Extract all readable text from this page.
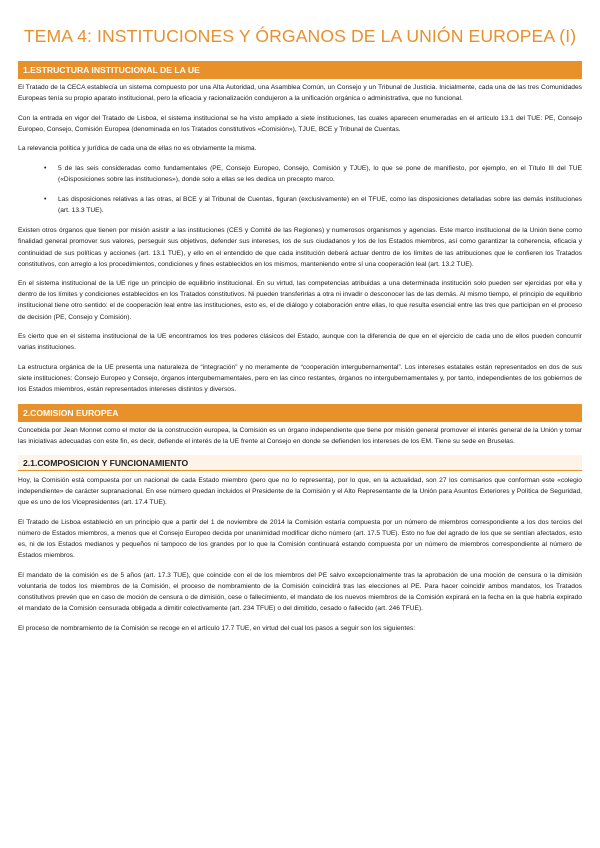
TEMA 4: INSTITUCIONES Y ÓRGANOS DE LA UNIÓN EUROPEA (I)
1.ESTRUCTURA INSTITUCIONAL DE LA UE

El Tratado de la CECA establecía un sistema compuesto por una Alta Autoridad, una Asamblea Común, un Consejo y un Tribunal de Justicia. Inicialmente, cada una de las tres Comunidades Europeas tenía su propio aparato institucional, pero la eficacia y racionalización condujeron a la unificación orgánica o administrativa, que no funcional.

Con la entrada en vigor del Tratado de Lisboa, el sistema institucional se ha visto ampliado a siete instituciones, las cuales aparecen enumeradas en el artículo 13.1 del TUE: PE, Consejo Europeo, Consejo, Comisión Europea (denominada en los Tratados constitutivos «Comisión»), TJUE, BCE y Tribunal de Cuentas.

La relevancia política y jurídica de cada una de ellas no es obviamente la misma.

• 5 de las seis consideradas como fundamentales (PE, Consejo Europeo, Consejo, Comisión y TJUE), lo que se pone de manifiesto, por ejemplo, en el Título III del TUE («Disposiciones sobre las instituciones»), donde solo a ellas se les dedica un precepto marco.
• Las disposiciones relativas a las otras, al BCE y al Tribunal de Cuentas, figuran (exclusivamente) en el TFUE, como las disposiciones detalladas sobre las demás instituciones (art. 13.3 TUE).

Existen otros órganos que tienen por misión asistir a las instituciones (CES y Comité de las Regiones) y numerosos organismos y agencias. Este marco institucional de la Unión tiene como finalidad general promover sus valores, perseguir sus objetivos, defender sus intereses, los de sus ciudadanos y los de los Estados miembros, así como garantizar la coherencia, eficacia y continuidad de sus políticas y acciones (art. 13.1 TUE), y ello en el entendido de que cada institución deberá actuar dentro de los límites de las atribuciones que le confieren los Tratados constitutivos, con arreglo a los procedimientos, condiciones y fines establecidos en los mismos, manteniendo entre sí una cooperación leal (art. 13.2 TUE).

En el sistema institucional de la UE rige un principio de equilibrio institucional. En su virtud, las competencias atribuidas a una determinada institución solo pueden ser ejercidas por ella y dentro de los límites y condiciones establecidos en los Tratados constitutivos. Ni pueden transferirlas a otra ni invadir o desconocer las de las demás. Al mismo tiempo, el principio de equilibrio institucional tiene otro sentido: el de cooperación leal entre las instituciones, esto es, el de diálogo y colaboración entre ellas, lo que resulta esencial entre las tres que participan en el proceso de decisión (PE, Consejo y Comisión).

Es cierto que en el sistema institucional de la UE encontramos los tres poderes clásicos del Estado, aunque con la diferencia de que en el ejercicio de cada uno de ellos pueden concurrir varias instituciones.

La estructura orgánica de la UE presenta una naturaleza de “integración” y no meramente de “cooperación intergubernamental”. Los intereses estatales están representados en dos de sus siete instituciones: Consejo Europeo y Consejo, órganos intergubernamentales, pero en las cinco restantes, órganos no intergubernamentales y, por tanto, independientes de los gobiernos de los Estados miembros, están representados intereses distintos y diversos.

2.COMISION EUROPEA

Concebida por Jean Monnet como el motor de la construcción europea, la Comisión es un órgano independiente que tiene por misión general promover el interés general de la Unión y tomar las iniciativas adecuadas con este fin, es decir, defiende el interés de la UE frente al Consejo en donde se defienden los intereses de los EM. Tiene su sede en Bruselas.

2.1.COMPOSICION Y FUNCIONAMIENTO

Hoy, la Comisión está compuesta por un nacional de cada Estado miembro (pero que no lo representa), por lo que, en la actualidad, son 27 los comisarios que conforman este «colegio independiente» de carácter supranacional. En ese número quedan incluidos el Presidente de la Comisión y el Alto Representante de la Unión para Asuntos Exteriores y Política de Seguridad, que es uno de los Vicepresidentes (art. 17.4 TUE).

El Tratado de Lisboa estableció en un principio que a partir del 1 de noviembre de 2014 la Comisión estaría compuesta por un número de miembros correspondiente a los dos tercios del número de Estados miembros, a menos que el Consejo Europeo decida por unanimidad modificar dicho número (art. 17.5 TUE). Esto no fue del agrado de los que se sentían afectados, esto es, ni de los Estados medianos y pequeños ni tampoco de los grandes por lo que la Comisión continuará estando compuesta por un número de miembros correspondiente al número de Estados miembros.

El mandato de la comisión es de 5 años (art. 17.3 TUE), que coincide con el de los miembros del PE salvo excepcionalmente tras la aprobación de una moción de censura o la dimisión voluntaria de todos los miembros de la Comisión, el proceso de nombramiento de la Comisión coincidirá tras las elecciones al PE. Para hacer coincidir ambos mandatos, los Tratados constitutivos prevén que en caso de moción de censura o de dimisión, cese o fallecimiento, el mandato de los nuevos miembros de la Comisión expirará en la fecha en la que habría expirado el mandato de la Comisión censurada obligada a dimitir colectivamente (art. 234 TFUE) o del dimitido, cesado o fallecido (art. 246 TFUE).

El proceso de nombramiento de la Comisión se recoge en el artículo 17.7 TUE, en virtud del cual los pasos a seguir son los siguientes:
